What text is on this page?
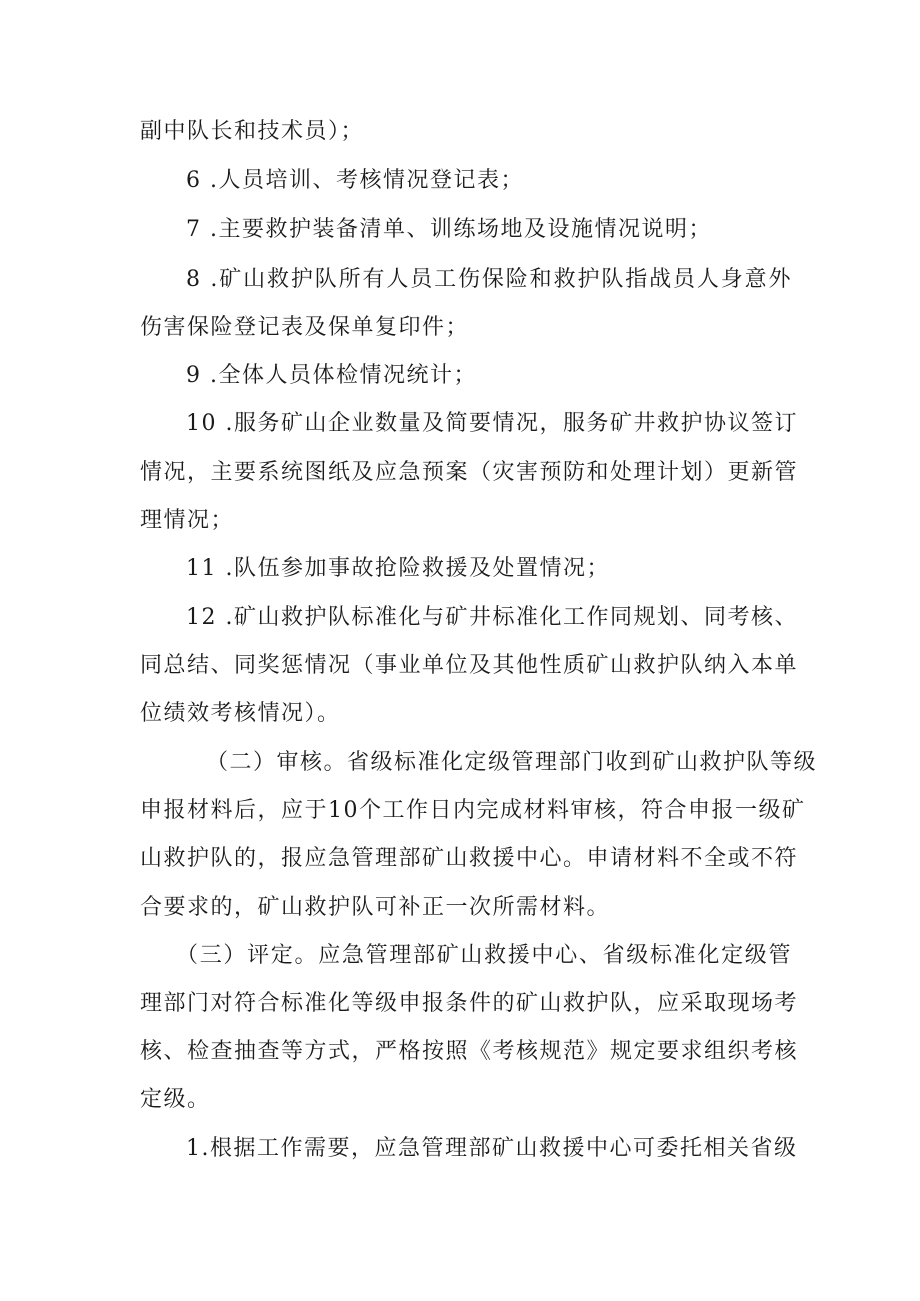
副中队长和技术员）；
6 .人员培训、考核情况登记表；
7 .主要救护装备清单、训练场地及设施情况说明；
8 .矿山救护队所有人员工伤保险和救护队指战员人身意外
伤害保险登记表及保单复印件；
9 .全体人员体检情况统计；
10 .服务矿山企业数量及简要情况，服务矿井救护协议签订
情况，主要系统图纸及应急预案（灾害预防和处理计划）更新管
理情况；
11 .队伍参加事故抢险救援及处置情况；
12 .矿山救护队标准化与矿井标准化工作同规划、同考核、
同总结、同奖惩情况（事业单位及其他性质矿山救护队纳入本单
位绩效考核情况）。
（二）审核。省级标准化定级管理部门收到矿山救护队等级
申报材料后，应于10个工作日内完成材料审核，符合申报一级矿
山救护队的，报应急管理部矿山救援中心。申请材料不全或不符
合要求的，矿山救护队可补正一次所需材料。
（三）评定。应急管理部矿山救援中心、省级标准化定级管
理部门对符合标准化等级申报条件的矿山救护队，应采取现场考
核、检查抽查等方式，严格按照《考核规范》规定要求组织考核
定级。
1.根据工作需要，应急管理部矿山救援中心可委托相关省级
